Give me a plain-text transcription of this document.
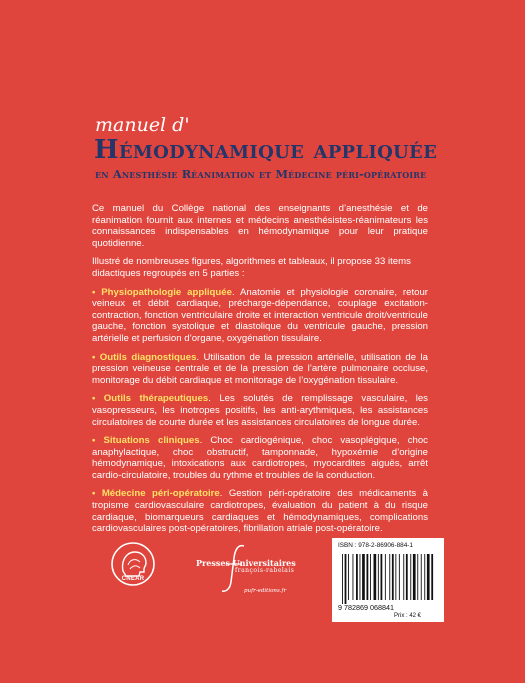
manuel d'
Hémodynamique appliquée
en Anesthésie Réanimation et Médecine péri-opératoire

Ce manuel du Collège national des enseignants d’anesthésie et de réanimation fournit aux internes et médecins anesthésistes-réanimateurs les connaissances indispensables en hémodynamique pour leur pratique quotidienne.

Illustré de nombreuses figures, algorithmes et tableaux, il propose 33 items didactiques regroupés en 5 parties :

• Physiopathologie appliquée. Anatomie et physiologie coronaire, retour veineux et débit cardiaque, précharge-dépendance, couplage excitation-contraction, fonction ventriculaire droite et interaction ventricule droit/ventricule gauche, fonction systolique et diastolique du ventricule gauche, pression artérielle et perfusion d’organe, oxygénation tissulaire.

• Outils diagnostiques. Utilisation de la pression artérielle, utilisation de la pression veineuse centrale et de la pression de l’artère pulmonaire occluse, monitorage du débit cardiaque et monitorage de l’oxygénation tissulaire.

• Outils thérapeutiques. Les solutés de remplissage vasculaire, les vasopresseurs, les inotropes positifs, les anti-arythmiques, les assistances circulatoires de courte durée et les assistances circulatoires de longue durée.

• Situations cliniques. Choc cardiogénique, choc vasoplégique, choc anaphylactique, choc obstructif, tamponnade, hypoxémie d’origine hémodynamique, intoxications aux cardiotropes, myocardites aiguës, arrêt cardio-circulatoire, troubles du rythme et troubles de la conduction.

• Médecine péri-opératoire. Gestion péri-opératoire des médicaments à tropisme cardiovasculaire cardiotropes, évaluation du patient à du risque cardiaque, biomarqueurs cardiaques et hémodynamiques, complications cardiovasculaires post-opératoires, fibrillation atriale post-opératoire.

CNEAR
Presses Universitaires
françois-rabelais
pufr-editions.fr
ISBN : 978-2-86906-884-1
9 782869 068841
Prix : 42 €
